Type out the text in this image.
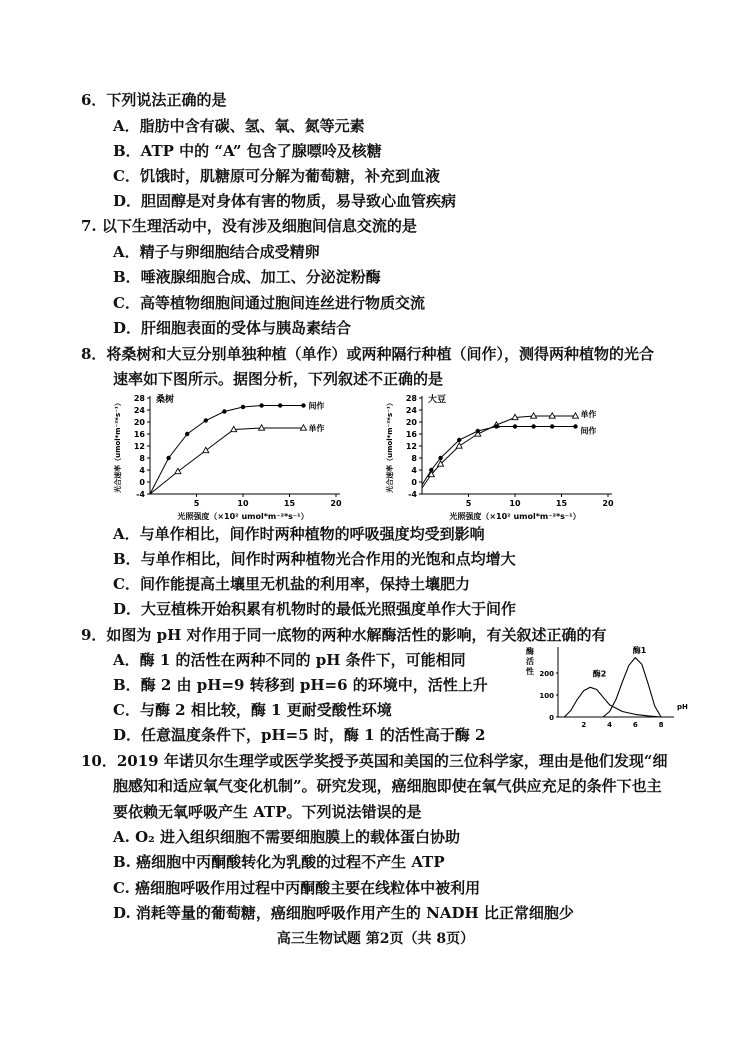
6．下列说法正确的是
A．脂肪中含有碳、氢、氧、氮等元素
B．ATP 中的 “A” 包含了腺嘌呤及核糖
C．饥饿时，肌糖原可分解为葡萄糖，补充到血液
D．胆固醇是对身体有害的物质，易导致心血管疾病
7. 以下生理活动中，没有涉及细胞间信息交流的是
A．精子与卵细胞结合成受精卵
B．唾液腺细胞合成、加工、分泌淀粉酶
C．高等植物细胞间通过胞间连丝进行物质交流
D．肝细胞表面的受体与胰岛素结合
8．将桑树和大豆分别单独种植（单作）或两种隔行种植（间作），测得两种植物的光合
速率如下图所示。据图分析，下列叙述不正确的是
-4
0
4
8
12
16
20
24
28
5	10	15	20
桑树
光照强度（×10² umol*m⁻²*s⁻¹）
光合速率（umol*m⁻²*s⁻¹）	间作
单作
-4
0
4
8
12
16
20
24
28
5	10	15	20
大豆
光照强度（×10² umol*m⁻²*s⁻¹）
光合速率（umol*m⁻²*s⁻¹）	单作
间作
A．与单作相比，间作时两种植物的呼吸强度均受到影响
B．与单作相比，间作时两种植物光合作用的光饱和点均增大
C．间作能提高土壤里无机盐的利用率，保持土壤肥力
D．大豆植株开始积累有机物时的最低光照强度单作大于间作
9．如图为 pH 对作用于同一底物的两种水解酶活性的影响，有关叙述正确的有
A．酶 1 的活性在两种不同的 pH 条件下，可能相同
B．酶 2 由 pH=9 转移到 pH=6 的环境中，活性上升
C．与酶 2 相比较，酶 1 更耐受酸性环境
D．任意温度条件下，pH=5 时，酶 1 的活性高于酶 2
0
100
200
2	4	6	8
pH
酶
活
性
酶1
酶2
10．2019 年诺贝尔生理学或医学奖授予英国和美国的三位科学家，理由是他们发现“细
胞感知和适应氧气变化机制”。研究发现，癌细胞即使在氧气供应充足的条件下也主
要依赖无氧呼吸产生 ATP。下列说法错误的是
A. O₂ 进入组织细胞不需要细胞膜上的载体蛋白协助
B. 癌细胞中丙酮酸转化为乳酸的过程不产生 ATP
C. 癌细胞呼吸作用过程中丙酮酸主要在线粒体中被利用
D. 消耗等量的葡萄糖，癌细胞呼吸作用产生的 NADH 比正常细胞少
高三生物试题 第2页（共 8页）
